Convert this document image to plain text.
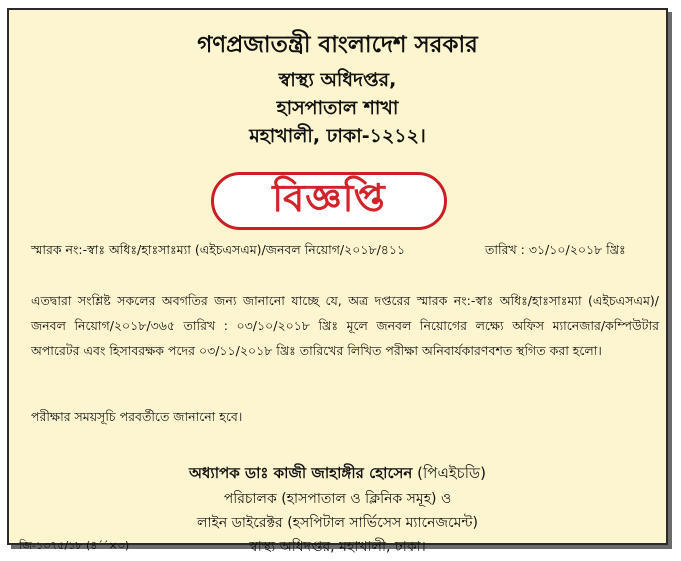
গণপ্রজাতন্ত্রী বাংলাদেশ সরকার
স্বাস্থ্য অধিদপ্তর,
হাসপাতাল শাখা
মহাখালী, ঢাকা-১২১২।
বিজ্ঞপ্তি
স্মারক নং:-স্বাঃ অধিঃ/হাঃসাঃম্যা (এইচএসএম)/জনবল নিয়োগ/২০১৮/৪১১	তারিখ : ৩১/১০/২০১৮ খ্রিঃ
এতদ্বারা সংশ্লিষ্ট সকলের অবগতির জন্য জানানো যাচ্ছে যে, অত্র দপ্তরের স্মারক নং:-স্বাঃ অধিঃ/হাঃসাঃম্যা (এইচএসএম)/জনবল নিয়োগ/২০১৮/৩৬৫ তারিখ : ০৩/১০/২০১৮ খ্রিঃ মূলে জনবল নিয়োগের লক্ষ্যে অফিস ম্যানেজার/কম্পিউটার অপারেটর এবং হিসাবরক্ষক পদের ০৩/১১/২০১৮ খ্রিঃ তারিখের লিখিত পরীক্ষা অনিবার্যকারণবশত স্থগিত করা হলো।
পরীক্ষার সময়সূচি পরবর্তীতে জানানো হবে।
অধ্যাপক ডাঃ কাজী জাহাঙ্গীর হোসেন (পিএইচডি)
পরিচালক (হাসপাতাল ও ক্লিনিক সমূহ) ও
লাইন ডাইরেক্টর (হসপিটাল সার্ভিসেস ম্যানেজমেন্ট)
স্বাস্থ্য অধিদপ্তর, মহাখালী, ঢাকা।
জি-১৩৭৫/১৮ (৪´´×৩)
